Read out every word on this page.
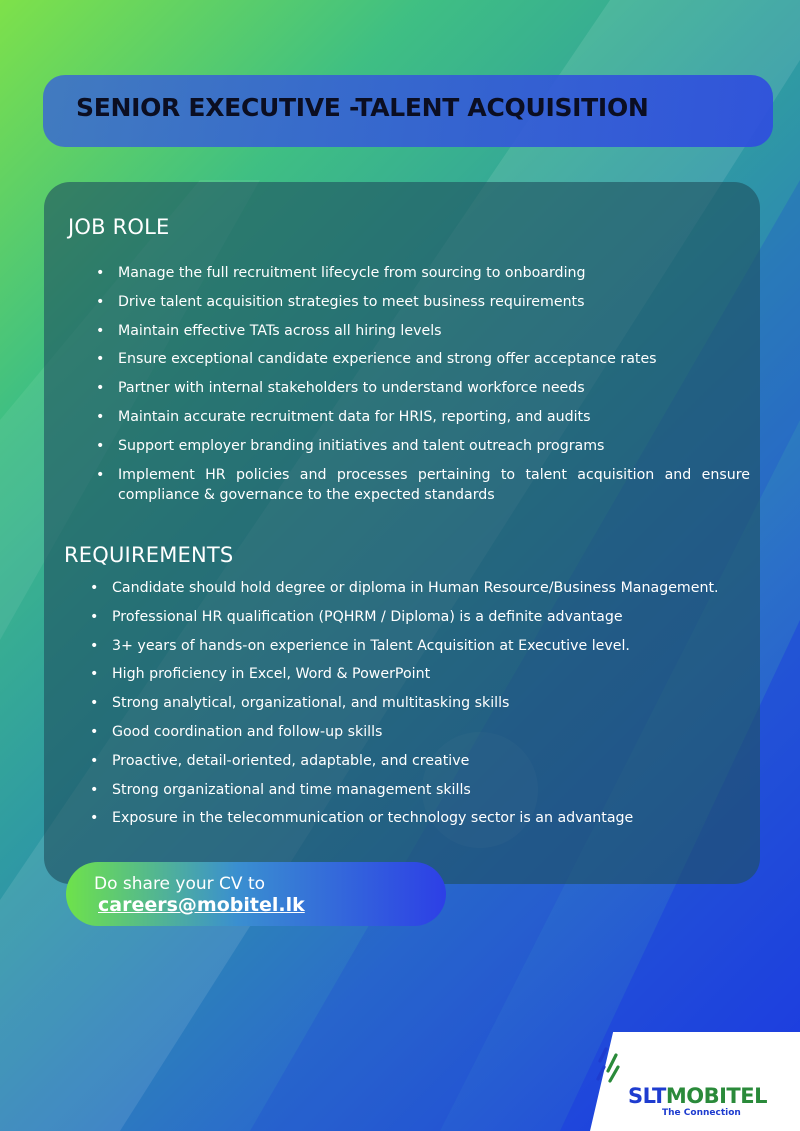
SENIOR EXECUTIVE -TALENT ACQUISITION
JOB ROLE
• Manage the full recruitment lifecycle from sourcing to onboarding
• Drive talent acquisition strategies to meet business requirements
• Maintain effective TATs across all hiring levels
• Ensure exceptional candidate experience and strong offer acceptance rates
• Partner with internal stakeholders to understand workforce needs
• Maintain accurate recruitment data for HRIS, reporting, and audits
• Support employer branding initiatives and talent outreach programs
• Implement HR policies and processes pertaining to talent acquisition and ensure compliance & governance to the expected standards
REQUIREMENTS
• Candidate should hold degree or diploma in Human Resource/Business Management.
• Professional HR qualification (PQHRM / Diploma) is a definite advantage
• 3+ years of hands-on experience in Talent Acquisition at Executive level.
• High proficiency in Excel, Word & PowerPoint
• Strong analytical, organizational, and multitasking skills
• Good coordination and follow-up skills
• Proactive, detail-oriented, adaptable, and creative
• Strong organizational and time management skills
• Exposure in the telecommunication or technology sector is an advantage
Do share your CV to
careers@mobitel.lk
SLTMOBITEL
The Connection
